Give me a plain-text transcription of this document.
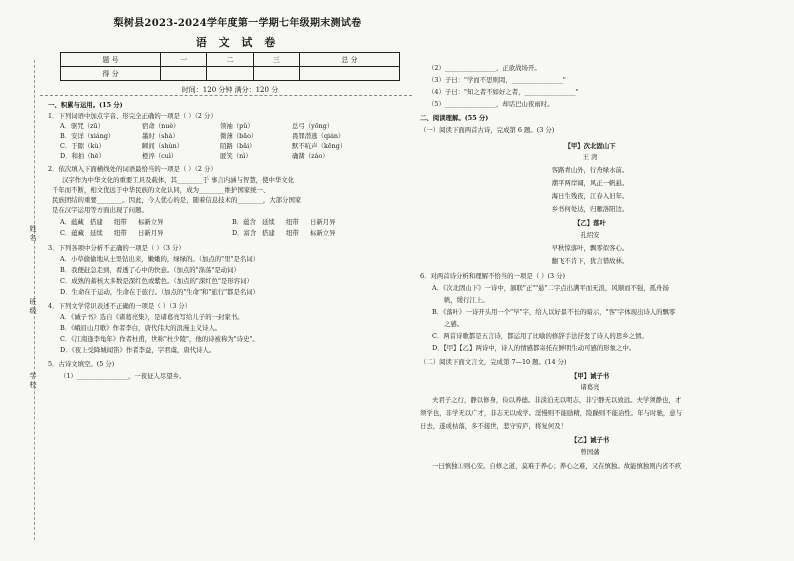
姓名
班级
学校
梨树县2023-2024学年度第一学期七年级期末测试卷
语 文 试 卷
题 号	一	二	三	总 分
得 分				
时间：120 分钟 满分：120 分
一、积累与运用。(15 分)
1．下列词语中加点字音、形完全正确的一项是（ ）（2 分）
A．驱咒（zū）	宿命（nuè）	领袖（pǔ）	总弓（yōng）
B．安详（xiáng）	墨时（shà）	微薄（bāo）	畏罪潜逃（qián）
C．于隙（kù）	瞬间（shùn）	陌路（bǎi）	默不吭声（kēng）
D．和拍（hè）	橙淬（cuì）	匿笑（nì）	确凿（záo）
2．依次填入下面横线处的词语最恰当的一项是（ ）（2 分）
汉字作为中华文化的重要工具及载体，其________于 事言内涵与智慧，使中华文化
千年而不断，相文优远于中华民族的文化认同，成为________维护国家统一、
民族团结的重要________。因此，今人优心的是，随着信息技术的________，大部分国家
是在汉字运用等方面出现了问题。
A．蕴藏 搭建 纽带 标新立异	B．蕴含 延续 纽带 日新月异
C．蕴藏 延续 纽带 日新月异	D．富含 搭建 纽带 标新立异
3．下列各项中分析不正确的一项是（ ）（3 分）
A．小草偷偷地从土里钻出来，嫩嫩的，绿绿的。（加点的"里"是名词）
B．我便赶急走到，看透了心中的快意。（加点的"涤荡"是动词）
C．成熟的蓄核大多数是深红色或紫色。（加点的"深红色"是形容词）
D．生命在于运动，生命在于旅行。（加点的"生命"和"旅行"都是名词）
4．下列文学常识表述不正确的一项是（ ）（3 分）
A．《诫子书》选自《诸葛亮集》，是诸葛亮写给儿子的一封家书。
B．《峨眉山月歌》作者李白，唐代伟大的浪漫主义诗人。
C．《江南逢李龟年》作者杜甫，世称"杜少陵"，他的诗被称为"诗史"。
D．《夜上受降城闻笛》作者李益，字君虞，唐代诗人。
5．古诗文填空。(5 分)
（1）________________，一夜征人尽望乡。
（2）________________，正欲战场开。
（3）子曰："学而不思则罔，________________"
（4）子曰："知之者不如好之者，________________"
（5）________________，却话巴山夜雨时。
二、阅读理解。(55 分)
（一）阅读下面两首古诗，完成第 6 题。(3 分)
【甲】次北固山下
王 湾
客路青山外，行舟绿水前。
潮平两岸阔，风正一帆悬。
海日生残夜，江春入旧年。
乡书何处达，归雁洛阳边。
【乙】落叶
孔绍安
早秋惊落叶，飘零似客心。
翻飞不肯下，犹言惜故林。
6．对两首诗分析和理解不恰当的一项是（ ）(3 分)
A．《次北固山下》一诗中，颔联"正""悬"二字点出满平而无浪，风顺而不强，孤舟扬
帆，缓行江上。
B．《落叶》一诗开头用一个"早"字，给人以好景不长的暗示，"客"字体现出诗人的飘零
之感。
C．两首诗歌都是五言诗，都运用了比喻的修辞手法抒发了诗人的思乡之情。
D．【甲】【乙】两诗中，诗人的情感都寄托在鲜明生动可感的形象之中。
（二）阅读下面文言文，完成第 7—10 题。(14 分)
【甲】诫子书
诸葛亮
夫君子之行，静以修身，俭以养德。非淡泊无以明志，非宁静无以致远。夫学须静也，才
须学也，非学无以广才，非志无以成学。淫慢则不能励精，险躁则不能冶性。年与时驰，意与
日去，遂成枯落，多不接世，悲守穷庐，将复何及！
【乙】诫子书
曾国藩
一曰慎独①则心安。自修之道，莫难于养心；养心之难，又在慎独。故能慎独则内省不疚
